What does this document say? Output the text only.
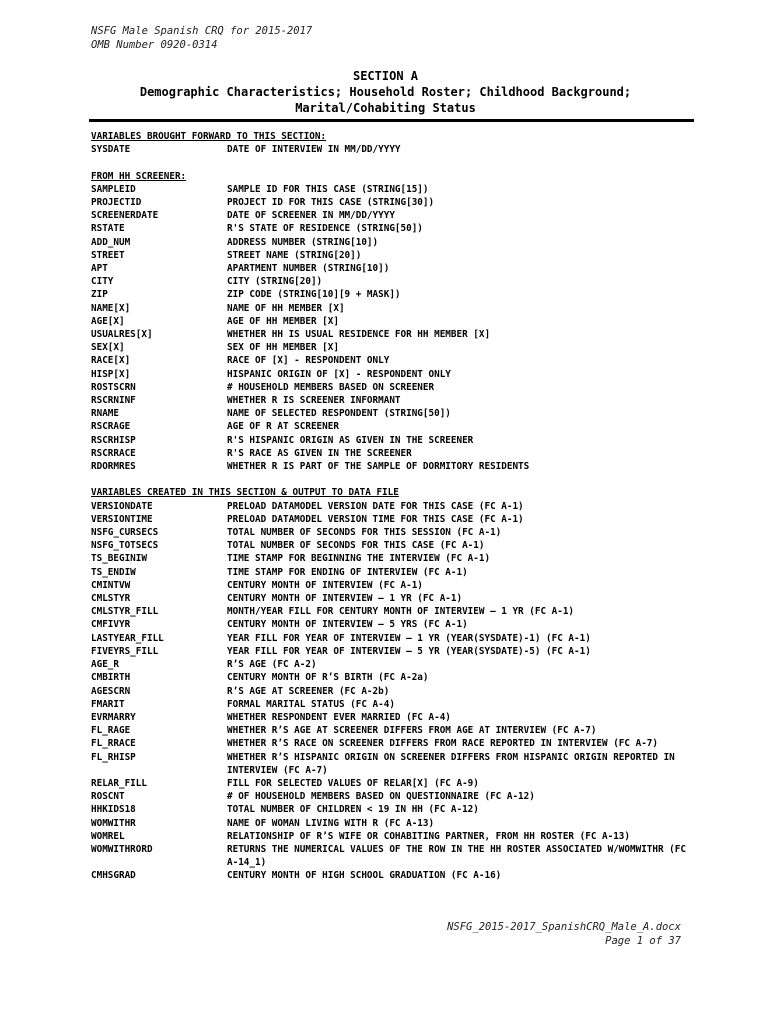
NSFG Male Spanish CRQ for 2015-2017
OMB Number 0920-0314
SECTION A
Demographic Characteristics; Household Roster; Childhood Background;
Marital/Cohabiting Status
VARIABLES BROUGHT FORWARD TO THIS SECTION:
SYSDATE	DATE OF INTERVIEW IN MM/DD/YYYY
FROM HH SCREENER:
SAMPLEID	SAMPLE ID FOR THIS CASE (STRING[15])
PROJECTID	PROJECT ID FOR THIS CASE (STRING[30])
SCREENERDATE	DATE OF SCREENER IN MM/DD/YYYY
RSTATE	R'S STATE OF RESIDENCE (STRING[50])
ADD_NUM	ADDRESS NUMBER (STRING[10])
STREET	STREET NAME (STRING[20])
APT	APARTMENT NUMBER (STRING[10])
CITY	CITY (STRING[20])
ZIP	ZIP CODE (STRING[10][9 + MASK])
NAME[X]	NAME OF HH MEMBER [X]
AGE[X]	AGE OF HH MEMBER [X]
USUALRES[X]	WHETHER HH IS USUAL RESIDENCE FOR HH MEMBER [X]
SEX[X]	SEX OF HH MEMBER [X]
RACE[X]	RACE OF [X] - RESPONDENT ONLY
HISP[X]	HISPANIC ORIGIN OF [X] - RESPONDENT ONLY
ROSTSCRN	# HOUSEHOLD MEMBERS BASED ON SCREENER
RSCRNINF	WHETHER R IS SCREENER INFORMANT
RNAME	NAME OF SELECTED RESPONDENT (STRING[50])
RSCRAGE	AGE OF R AT SCREENER
RSCRHISP	R'S HISPANIC ORIGIN AS GIVEN IN THE SCREENER
RSCRRACE	R'S RACE AS GIVEN IN THE SCREENER
RDORMRES	WHETHER R IS PART OF THE SAMPLE OF DORMITORY RESIDENTS
VARIABLES CREATED IN THIS SECTION & OUTPUT TO DATA FILE
VERSIONDATE	PRELOAD DATAMODEL VERSION DATE FOR THIS CASE (FC A-1)
VERSIONTIME	PRELOAD DATAMODEL VERSION TIME FOR THIS CASE (FC A-1)
NSFG_CURSECS	TOTAL NUMBER OF SECONDS FOR THIS SESSION (FC A-1)
NSFG_TOTSECS	TOTAL NUMBER OF SECONDS FOR THIS CASE (FC A-1)
TS_BEGINIW	TIME STAMP FOR BEGINNING THE INTERVIEW (FC A-1)
TS_ENDIW	TIME STAMP FOR ENDING OF INTERVIEW (FC A-1)
CMINTVW	CENTURY MONTH OF INTERVIEW (FC A-1)
CMLSTYR	CENTURY MONTH OF INTERVIEW – 1 YR (FC A-1)
CMLSTYR_FILL	MONTH/YEAR FILL FOR CENTURY MONTH OF INTERVIEW – 1 YR (FC A-1)
CMFIVYR	CENTURY MONTH OF INTERVIEW – 5 YRS (FC A-1)
LASTYEAR_FILL	YEAR FILL FOR YEAR OF INTERVIEW – 1 YR (YEAR(SYSDATE)-1) (FC A-1)
FIVEYRS_FILL	YEAR FILL FOR YEAR OF INTERVIEW – 5 YR (YEAR(SYSDATE)-5) (FC A-1)
AGE_R	R’S AGE (FC A-2)
CMBIRTH	CENTURY MONTH OF R’S BIRTH (FC A-2a)
AGESCRN	R’S AGE AT SCREENER (FC A-2b)
FMARIT	FORMAL MARITAL STATUS (FC A-4)
EVRMARRY	WHETHER RESPONDENT EVER MARRIED (FC A-4)
FL_RAGE	WHETHER R’S AGE AT SCREENER DIFFERS FROM AGE AT INTERVIEW (FC A-7)
FL_RRACE	WHETHER R’S RACE ON SCREENER DIFFERS FROM RACE REPORTED IN INTERVIEW (FC A-7)
FL_RHISP	WHETHER R’S HISPANIC ORIGIN ON SCREENER DIFFERS FROM HISPANIC ORIGIN REPORTED IN INTERVIEW (FC A-7)
RELAR_FILL	FILL FOR SELECTED VALUES OF RELAR[X] (FC A-9)
ROSCNT	# OF HOUSEHOLD MEMBERS BASED ON QUESTIONNAIRE (FC A-12)
HHKIDS18	TOTAL NUMBER OF CHILDREN < 19 IN HH (FC A-12)
WOMWITHR	NAME OF WOMAN LIVING WITH R (FC A-13)
WOMREL	RELATIONSHIP OF R’S WIFE OR COHABITING PARTNER, FROM HH ROSTER (FC A-13)
WOMWITHRORD	RETURNS THE NUMERICAL VALUES OF THE ROW IN THE HH ROSTER ASSOCIATED W/WOMWITHR (FC A-14_1)
CMHSGRAD	CENTURY MONTH OF HIGH SCHOOL GRADUATION (FC A-16)
NSFG_2015-2017_SpanishCRQ_Male_A.docx
Page 1 of 37
